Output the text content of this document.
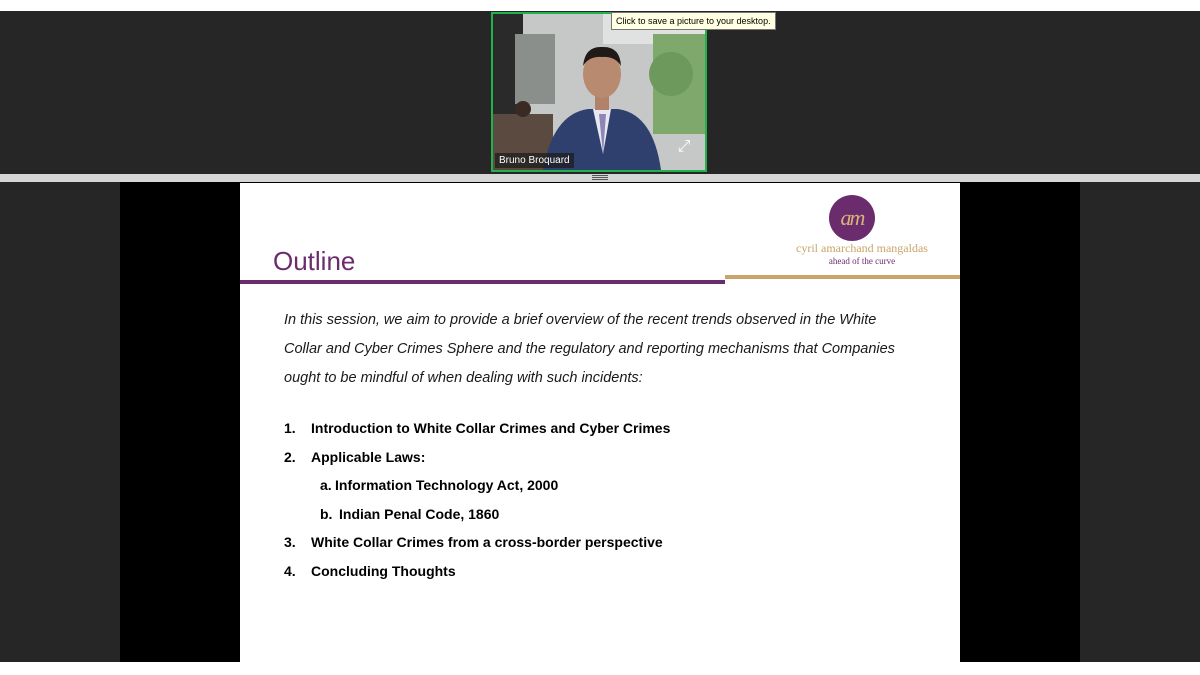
Bruno Broquard
⤢
Click to save a picture to your desktop.
am
cyril amarchand mangaldas
ahead of the curve
Outline
In this session, we aim to provide a brief overview of the recent trends observed in the White
Collar and Cyber Crimes Sphere and the regulatory and reporting mechanisms that Companies
ought to be mindful of when dealing with such incidents:
1. Introduction to White Collar Crimes and Cyber Crimes
2. Applicable Laws:
a. Information Technology Act, 2000
b. Indian Penal Code, 1860
3. White Collar Crimes from a cross-border perspective
4. Concluding Thoughts
